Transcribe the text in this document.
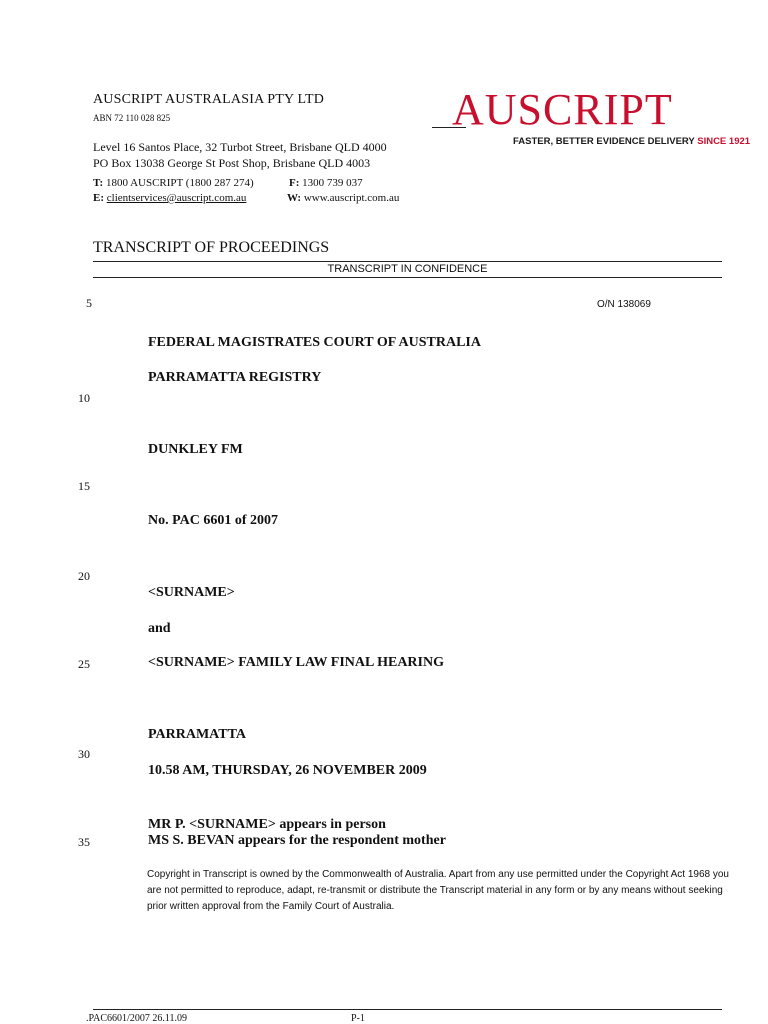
AUSCRIPT AUSTRALASIA PTY LTD
ABN 72 110 028 825
Level 16 Santos Place, 32 Turbot Street, Brisbane QLD 4000
PO Box 13038 George St Post Shop, Brisbane QLD 4003
T: 1800 AUSCRIPT (1800 287 274)	F: 1300 739 037
E: clientservices@auscript.com.au	W: www.auscript.com.au
AUSCRIPT
FASTER, BETTER EVIDENCE DELIVERY SINCE 1921
TRANSCRIPT OF PROCEEDINGS
TRANSCRIPT IN CONFIDENCE
5
10
15
20
25
30
35
O/N 138069
FEDERAL MAGISTRATES COURT OF AUSTRALIA
PARRAMATTA REGISTRY
DUNKLEY FM
No. PAC 6601 of 2007
<SURNAME>
and
<SURNAME> FAMILY LAW FINAL HEARING
PARRAMATTA
10.58 AM, THURSDAY, 26 NOVEMBER 2009
MR P. <SURNAME> appears in person
MS S. BEVAN appears for the respondent mother
Copyright in Transcript is owned by the Commonwealth of Australia. Apart from any use permitted under the Copyright Act 1968 you are not permitted to reproduce, adapt, re-transmit or distribute the Transcript material in any form or by any means without seeking prior written approval from the Family Court of Australia.
.PAC6601/2007 26.11.09	P-1
